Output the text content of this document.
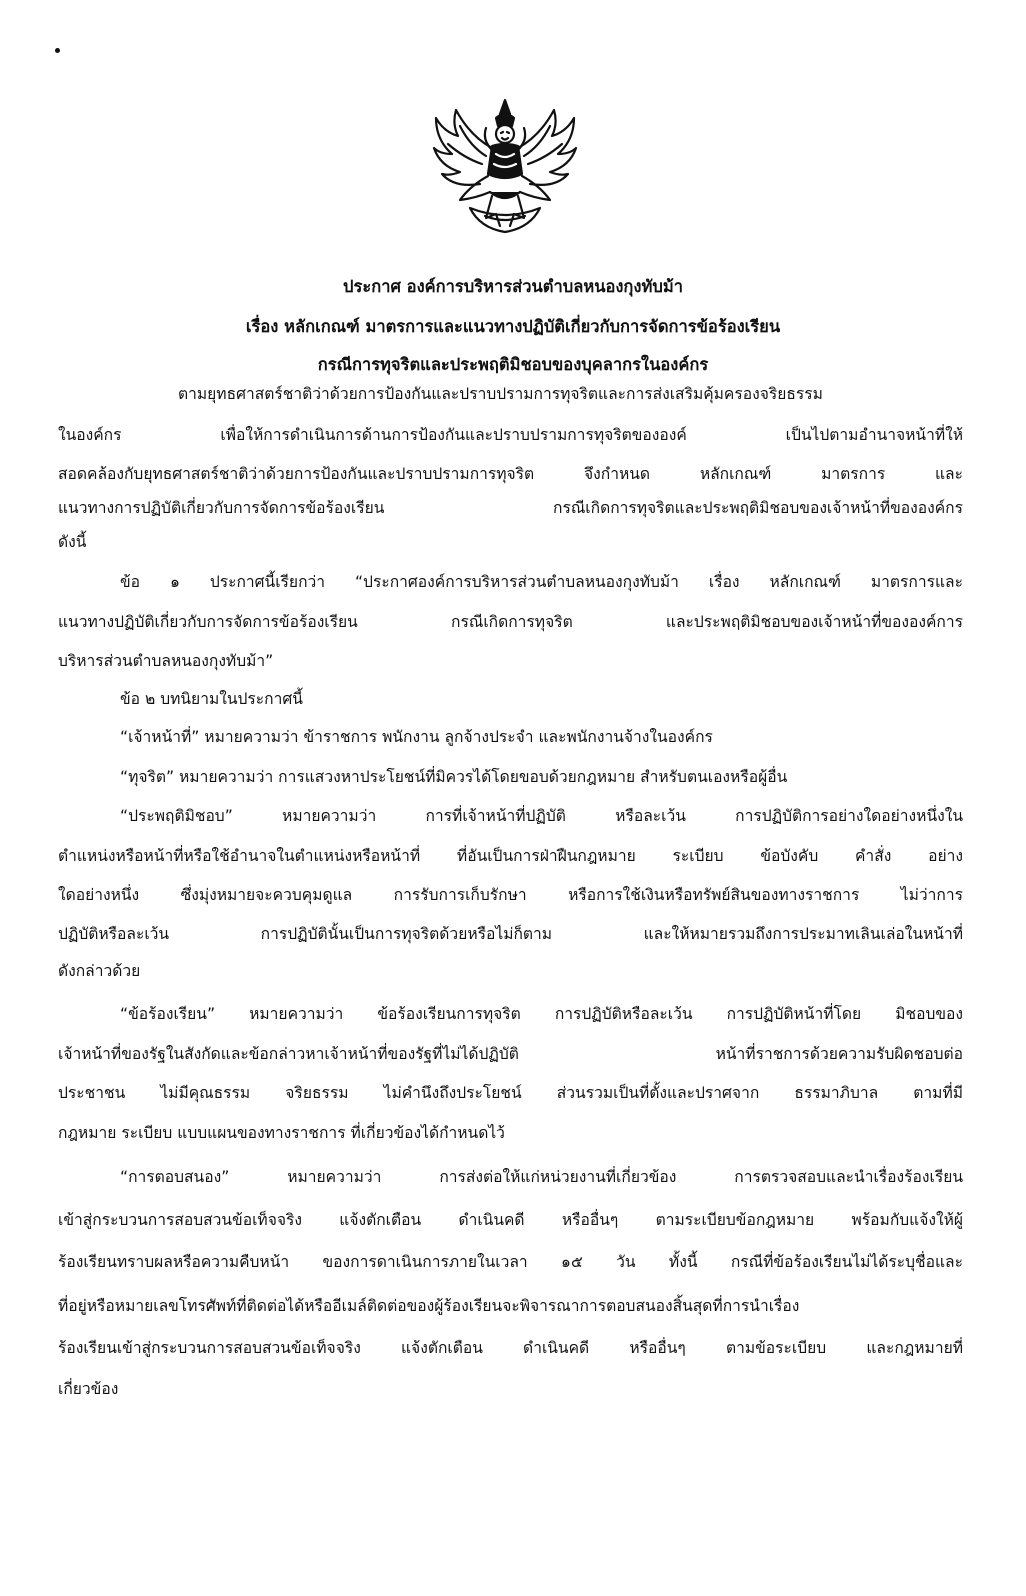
ประกาศ องค์การบริหารส่วนตำบลหนองกุงทับม้า
เรื่อง หลักเกณฑ์ มาตรการและแนวทางปฏิบัติเกี่ยวกับการจัดการข้อร้องเรียน
กรณีการทุจริตและประพฤติมิชอบของบุคลากรในองค์กร
ตามยุทธศาสตร์ชาติว่าด้วยการป้องกันและปราบปรามการทุจริตและการส่งเสริมคุ้มครองจริยธรรม
ในองค์กร เพื่อให้การดำเนินการด้านการป้องกันและปราบปรามการทุจริตขององค์ เป็นไปตามอำนาจหน้าที่ให้
สอดคล้องกับยุทธศาสตร์ชาติว่าด้วยการป้องกันและปราบปรามการทุจริต จึงกำหนด หลักเกณฑ์ มาตรการ และ
แนวทางการปฏิบัติเกี่ยวกับการจัดการข้อร้องเรียน กรณีเกิดการทุจริตและประพฤติมิชอบของเจ้าหน้าที่ขององค์กร
ดังนี้
ข้อ ๑ ประกาศนี้เรียกว่า “ประกาศองค์การบริหารส่วนตำบลหนองกุงทับม้า เรื่อง หลักเกณฑ์ มาตรการและ
แนวทางปฏิบัติเกี่ยวกับการจัดการข้อร้องเรียน กรณีเกิดการทุจริต และประพฤติมิชอบของเจ้าหน้าที่ขององค์การ
บริหารส่วนตำบลหนองกุงทับม้า”
ข้อ ๒ บทนิยามในประกาศนี้
“เจ้าหน้าที่” หมายความว่า ข้าราชการ พนักงาน ลูกจ้างประจำ และพนักงานจ้างในองค์กร
“ทุจริต” หมายความว่า การแสวงหาประโยชน์ที่มิควรได้โดยขอบด้วยกฎหมาย สำหรับตนเองหรือผู้อื่น
“ประพฤติมิชอบ” หมายความว่า การที่เจ้าหน้าที่ปฏิบัติ หรือละเว้น การปฏิบัติการอย่างใดอย่างหนึ่งใน
ตำแหน่งหรือหน้าที่หรือใช้อำนาจในตำแหน่งหรือหน้าที่ ที่อันเป็นการฝ่าฝืนกฎหมาย ระเบียบ ข้อบังคับ คำสั่ง อย่าง
ใดอย่างหนึ่ง ซึ่งมุ่งหมายจะควบคุมดูแล การรับการเก็บรักษา หรือการใช้เงินหรือทรัพย์สินของทางราชการ ไม่ว่าการ
ปฏิบัติหรือละเว้น การปฏิบัตินั้นเป็นการทุจริตด้วยหรือไม่ก็ตาม และให้หมายรวมถึงการประมาทเลินเล่อในหน้าที่
ดังกล่าวด้วย
“ข้อร้องเรียน” หมายความว่า ข้อร้องเรียนการทุจริต การปฏิบัติหรือละเว้น การปฏิบัติหน้าที่โดย มิชอบของ
เจ้าหน้าที่ของรัฐในสังกัดและข้อกล่าวหาเจ้าหน้าที่ของรัฐที่ไม่ได้ปฏิบัติ หน้าที่ราชการด้วยความรับผิดชอบต่อ
ประชาชน ไม่มีคุณธรรม จริยธรรม ไม่คำนึงถึงประโยชน์ ส่วนรวมเป็นที่ตั้งและปราศจาก ธรรมาภิบาล ตามที่มี
กฎหมาย ระเบียบ แบบแผนของทางราชการ ที่เกี่ยวข้องได้กำหนดไว้
“การตอบสนอง” หมายความว่า การส่งต่อให้แก่หน่วยงานที่เกี่ยวข้อง การตรวจสอบและนำเรื่องร้องเรียน
เข้าสู่กระบวนการสอบสวนข้อเท็จจริง แจ้งตักเตือน ดำเนินคดี หรืออื่นๆ ตามระเบียบข้อกฎหมาย พร้อมกับแจ้งให้ผู้
ร้องเรียนทราบผลหรือความคืบหน้า ของการดาเนินการภายในเวลา ๑๕ วัน ทั้งนี้ กรณีที่ข้อร้องเรียนไม่ได้ระบุชื่อและ
ที่อยู่หรือหมายเลขโทรศัพท์ที่ติดต่อได้หรืออีเมล์ติดต่อของผู้ร้องเรียนจะพิจารณาการตอบสนองสิ้นสุดที่การนำเรื่อง
ร้องเรียนเข้าสู่กระบวนการสอบสวนข้อเท็จจริง แจ้งตักเตือน ดำเนินคดี หรืออื่นๆ ตามข้อระเบียบ และกฎหมายที่
เกี่ยวข้อง
